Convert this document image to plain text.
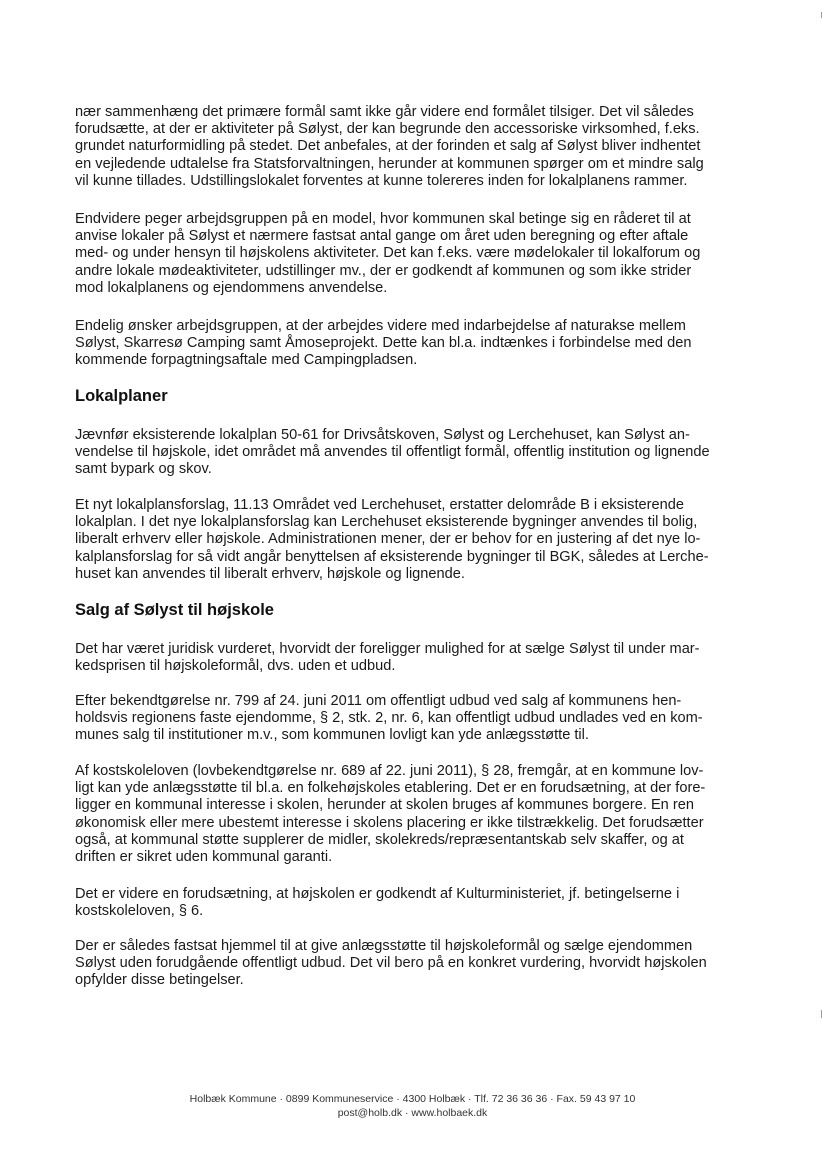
nær sammenhæng det primære formål samt ikke går videre end formålet tilsiger. Det vil således
forudsætte, at der er aktiviteter på Sølyst, der kan begrunde den accessoriske virksomhed, f.eks.
grundet naturformidling på stedet. Det anbefales, at der forinden et salg af Sølyst bliver indhentet
en vejledende udtalelse fra Statsforvaltningen, herunder at kommunen spørger om et mindre salg
vil kunne tillades. Udstillingslokalet forventes at kunne tolereres inden for lokalplanens rammer.
Endvidere peger arbejdsgruppen på en model, hvor kommunen skal betinge sig en råderet til at
anvise lokaler på Sølyst et nærmere fastsat antal gange om året uden beregning og efter aftale
med- og under hensyn til højskolens aktiviteter. Det kan f.eks. være mødelokaler til lokalforum og
andre lokale mødeaktiviteter, udstillinger mv., der er godkendt af kommunen og som ikke strider
mod lokalplanens og ejendommens anvendelse.
Endelig ønsker arbejdsgruppen, at der arbejdes videre med indarbejdelse af naturakse mellem
Sølyst, Skarresø Camping samt Åmoseprojekt. Dette kan bl.a. indtænkes i forbindelse med den
kommende forpagtningsaftale med Campingpladsen.
Lokalplaner
Jævnfør eksisterende lokalplan 50-61 for Drivsåtskoven, Sølyst og Lerchehuset, kan Sølyst an-
vendelse til højskole, idet området må anvendes til offentligt formål, offentlig institution og lignende
samt bypark og skov.
Et nyt lokalplansforslag, 11.13 Området ved Lerchehuset, erstatter delområde B i eksisterende
lokalplan. I det nye lokalplansforslag kan Lerchehuset eksisterende bygninger anvendes til bolig,
liberalt erhverv eller højskole. Administrationen mener, der er behov for en justering af det nye lo-
kalplansforslag for så vidt angår benyttelsen af eksisterende bygninger til BGK, således at Lerche-
huset kan anvendes til liberalt erhverv, højskole og lignende.
Salg af Sølyst til højskole
Det har været juridisk vurderet, hvorvidt der foreligger mulighed for at sælge Sølyst til under mar-
kedsprisen til højskoleformål, dvs. uden et udbud.
Efter bekendtgørelse nr. 799 af 24. juni 2011 om offentligt udbud ved salg af kommunens hen-
holdsvis regionens faste ejendomme, § 2, stk. 2, nr. 6, kan offentligt udbud undlades ved en kom-
munes salg til institutioner m.v., som kommunen lovligt kan yde anlægsstøtte til.
Af kostskoleloven (lovbekendtgørelse nr. 689 af 22. juni 2011), § 28, fremgår, at en kommune lov-
ligt kan yde anlægsstøtte til bl.a. en folkehøjskoles etablering. Det er en forudsætning, at der fore-
ligger en kommunal interesse i skolen, herunder at skolen bruges af kommunes borgere. En ren
økonomisk eller mere ubestemt interesse i skolens placering er ikke tilstrækkelig. Det forudsætter
også, at kommunal støtte supplerer de midler, skolekreds/repræsentantskab selv skaffer, og at
driften er sikret uden kommunal garanti.
Det er videre en forudsætning, at højskolen er godkendt af Kulturministeriet, jf. betingelserne i
kostskoleloven, § 6.
Der er således fastsat hjemmel til at give anlægsstøtte til højskoleformål og sælge ejendommen
Sølyst uden forudgående offentligt udbud. Det vil bero på en konkret vurdering, hvorvidt højskolen
opfylder disse betingelser.
Holbæk Kommune · 0899 Kommuneservice · 4300 Holbæk · Tlf. 72 36 36 36 · Fax. 59 43 97 10
post@holb.dk · www.holbaek.dk
